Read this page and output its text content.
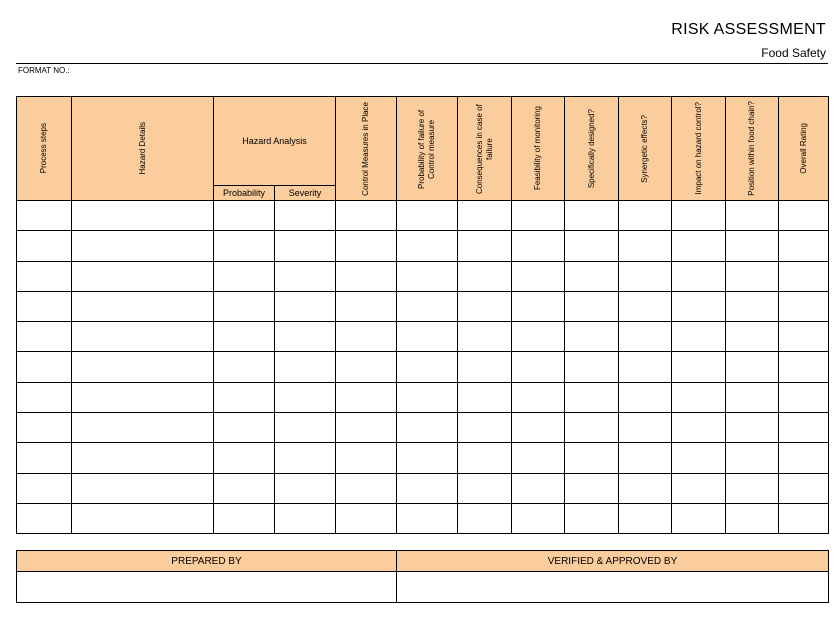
RISK ASSESSMENT
Food Safety
FORMAT NO.:
Process steps	Hazard Details	Hazard Analysis		Control Measures in Place	Probability of failure of Control measure	Consequences in case of failure	Feasibility of monitoring	Specifically designed?	Synergetic effects?	Impact on hazard control?	Position within food chain?	Overall Rating

		Probability	Severity									

PREPARED BY	VERIFIED & APPROVED BY
